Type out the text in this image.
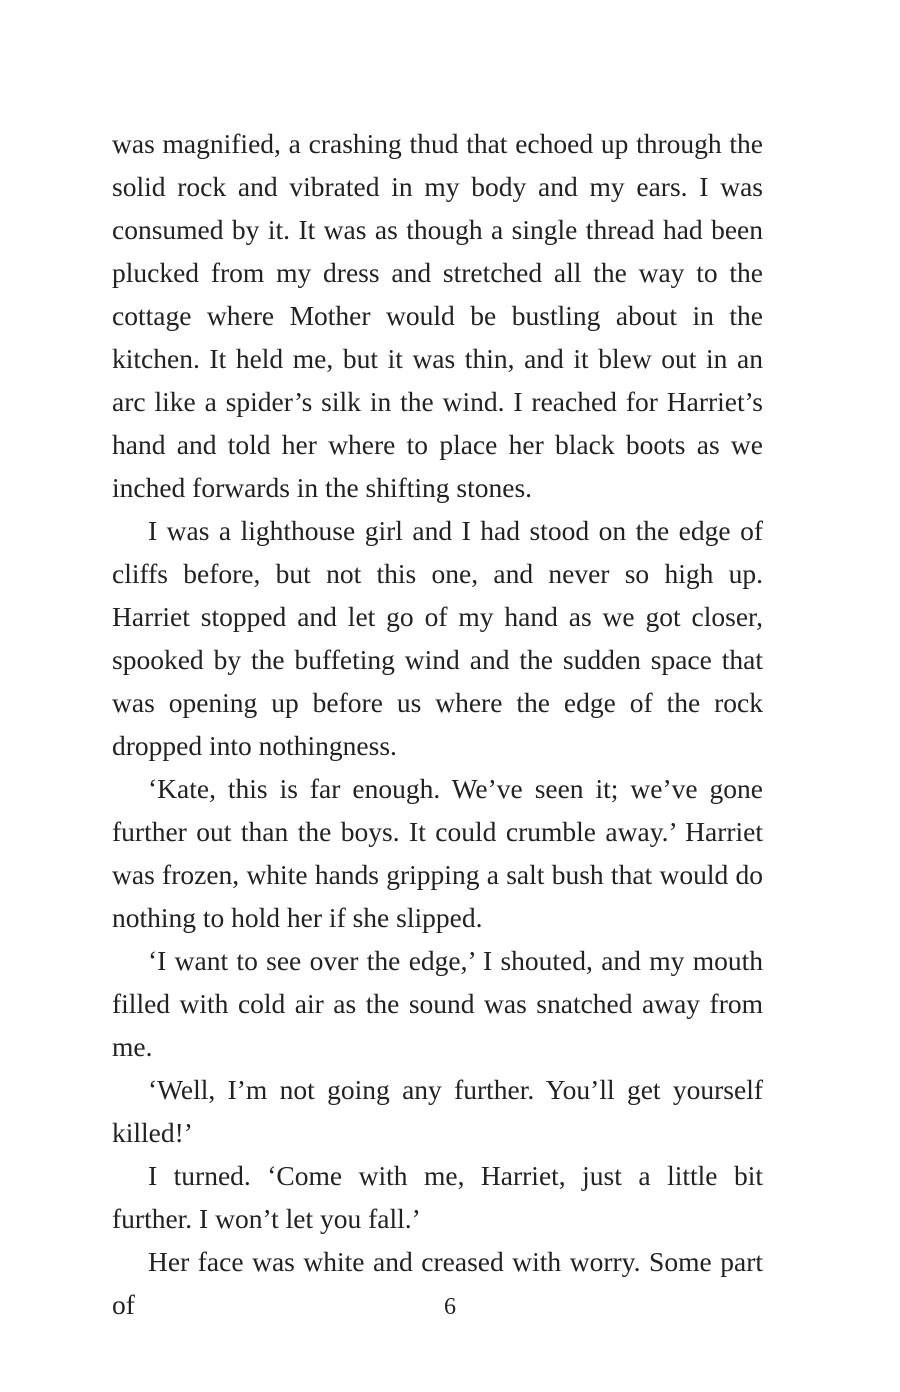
was magnified, a crashing thud that echoed up through the solid rock and vibrated in my body and my ears. I was consumed by it. It was as though a single thread had been plucked from my dress and stretched all the way to the cottage where Mother would be bustling about in the kitchen. It held me, but it was thin, and it blew out in an arc like a spider’s silk in the wind. I reached for Harriet’s hand and told her where to place her black boots as we inched forwards in the shifting stones.

I was a lighthouse girl and I had stood on the edge of cliffs before, but not this one, and never so high up. Harriet stopped and let go of my hand as we got closer, spooked by the buffeting wind and the sudden space that was opening up before us where the edge of the rock dropped into nothingness.

‘Kate, this is far enough. We’ve seen it; we’ve gone further out than the boys. It could crumble away.’ Harriet was frozen, white hands gripping a salt bush that would do nothing to hold her if she slipped.

‘I want to see over the edge,’ I shouted, and my mouth filled with cold air as the sound was snatched away from me.

‘Well, I’m not going any further. You’ll get yourself killed!’

I turned. ‘Come with me, Harriet, just a little bit further. I won’t let you fall.’

Her face was white and creased with worry. Some part of	6
